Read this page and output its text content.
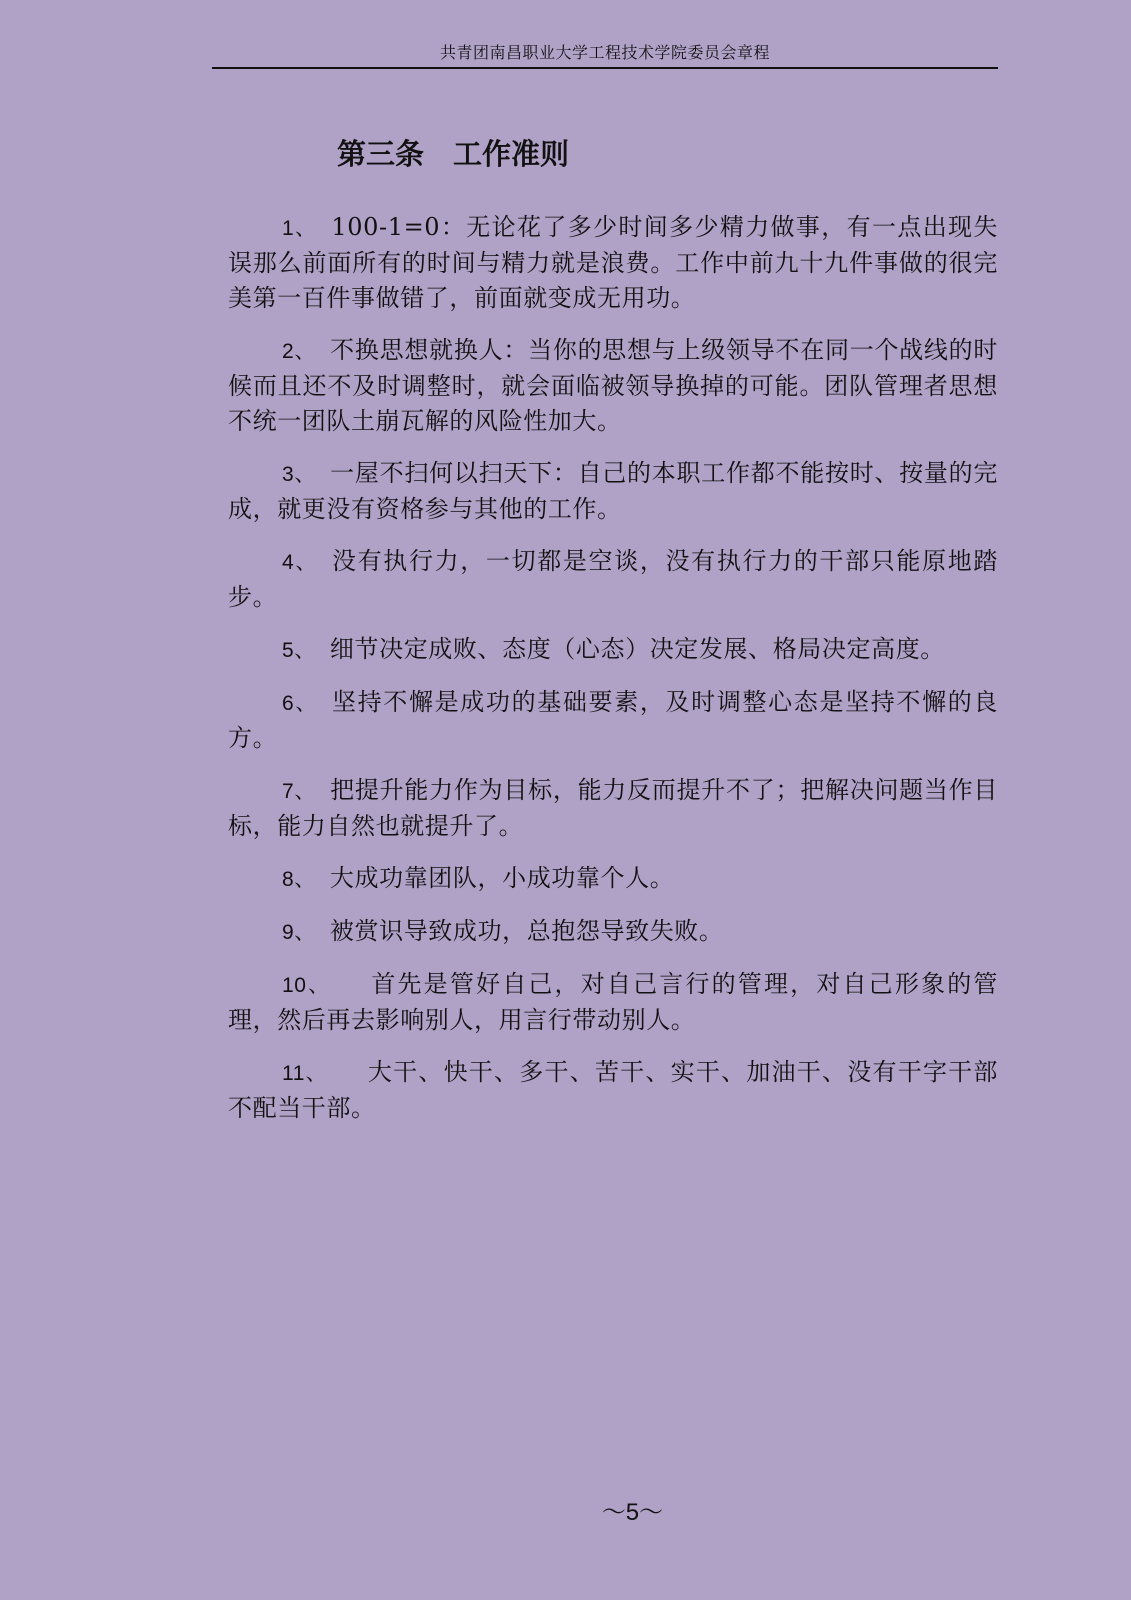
共青团南昌职业大学工程技术学院委员会章程
第三条　工作准则

1、 100-1=0：无论花了多少时间多少精力做事，有一点出现失误那么前面所有的时间与精力就是浪费。工作中前九十九件事做的很完美第一百件事做错了，前面就变成无用功。

2、 不换思想就换人：当你的思想与上级领导不在同一个战线的时候而且还不及时调整时，就会面临被领导换掉的可能。团队管理者思想不统一团队土崩瓦解的风险性加大。

3、 一屋不扫何以扫天下：自己的本职工作都不能按时、按量的完成，就更没有资格参与其他的工作。

4、 没有执行力，一切都是空谈，没有执行力的干部只能原地踏步。

5、 细节决定成败、态度（心态）决定发展、格局决定高度。

6、 坚持不懈是成功的基础要素，及时调整心态是坚持不懈的良方。

7、 把提升能力作为目标，能力反而提升不了；把解决问题当作目标，能力自然也就提升了。

8、 大成功靠团队，小成功靠个人。

9、 被赏识导致成功，总抱怨导致失败。

10、 首先是管好自己，对自己言行的管理，对自己形象的管理，然后再去影响别人，用言行带动别人。

11、 大干、快干、多干、苦干、实干、加油干、没有干字干部不配当干部。

～5～
